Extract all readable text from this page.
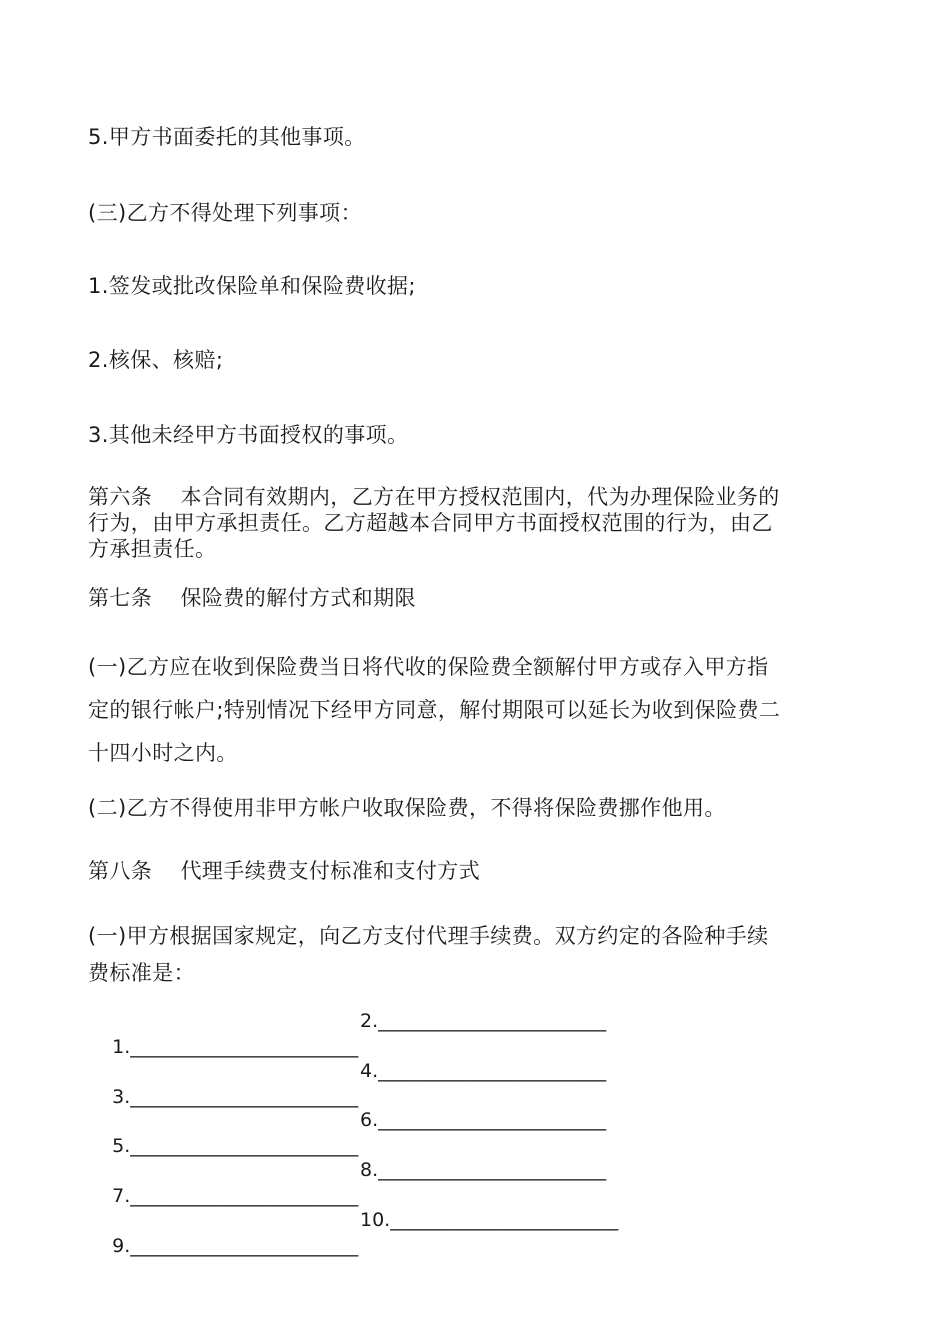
5.甲方书面委托的其他事项。
(三)乙方不得处理下列事项：
1.签发或批改保险单和保险费收据;
2.核保、核赔;
3.其他未经甲方书面授权的事项。
第六条    本合同有效期内，乙方在甲方授权范围内，代为办理保险业务的
行为，由甲方承担责任。乙方超越本合同甲方书面授权范围的行为，由乙
方承担责任。
第七条    保险费的解付方式和期限
(一)乙方应在收到保险费当日将代收的保险费全额解付甲方或存入甲方指
定的银行帐户;特别情况下经甲方同意，解付期限可以延长为收到保险费二
十四小时之内。
(二)乙方不得使用非甲方帐户收取保险费，不得将保险费挪作他用。
第八条    代理手续费支付标准和支付方式
(一)甲方根据国家规定，向乙方支付代理手续费。双方约定的各险种手续
费标准是：

1.________________________

2.________________________

3.________________________

4.________________________

5.________________________

6.________________________

7.________________________

8.________________________

9.________________________

10.________________________
